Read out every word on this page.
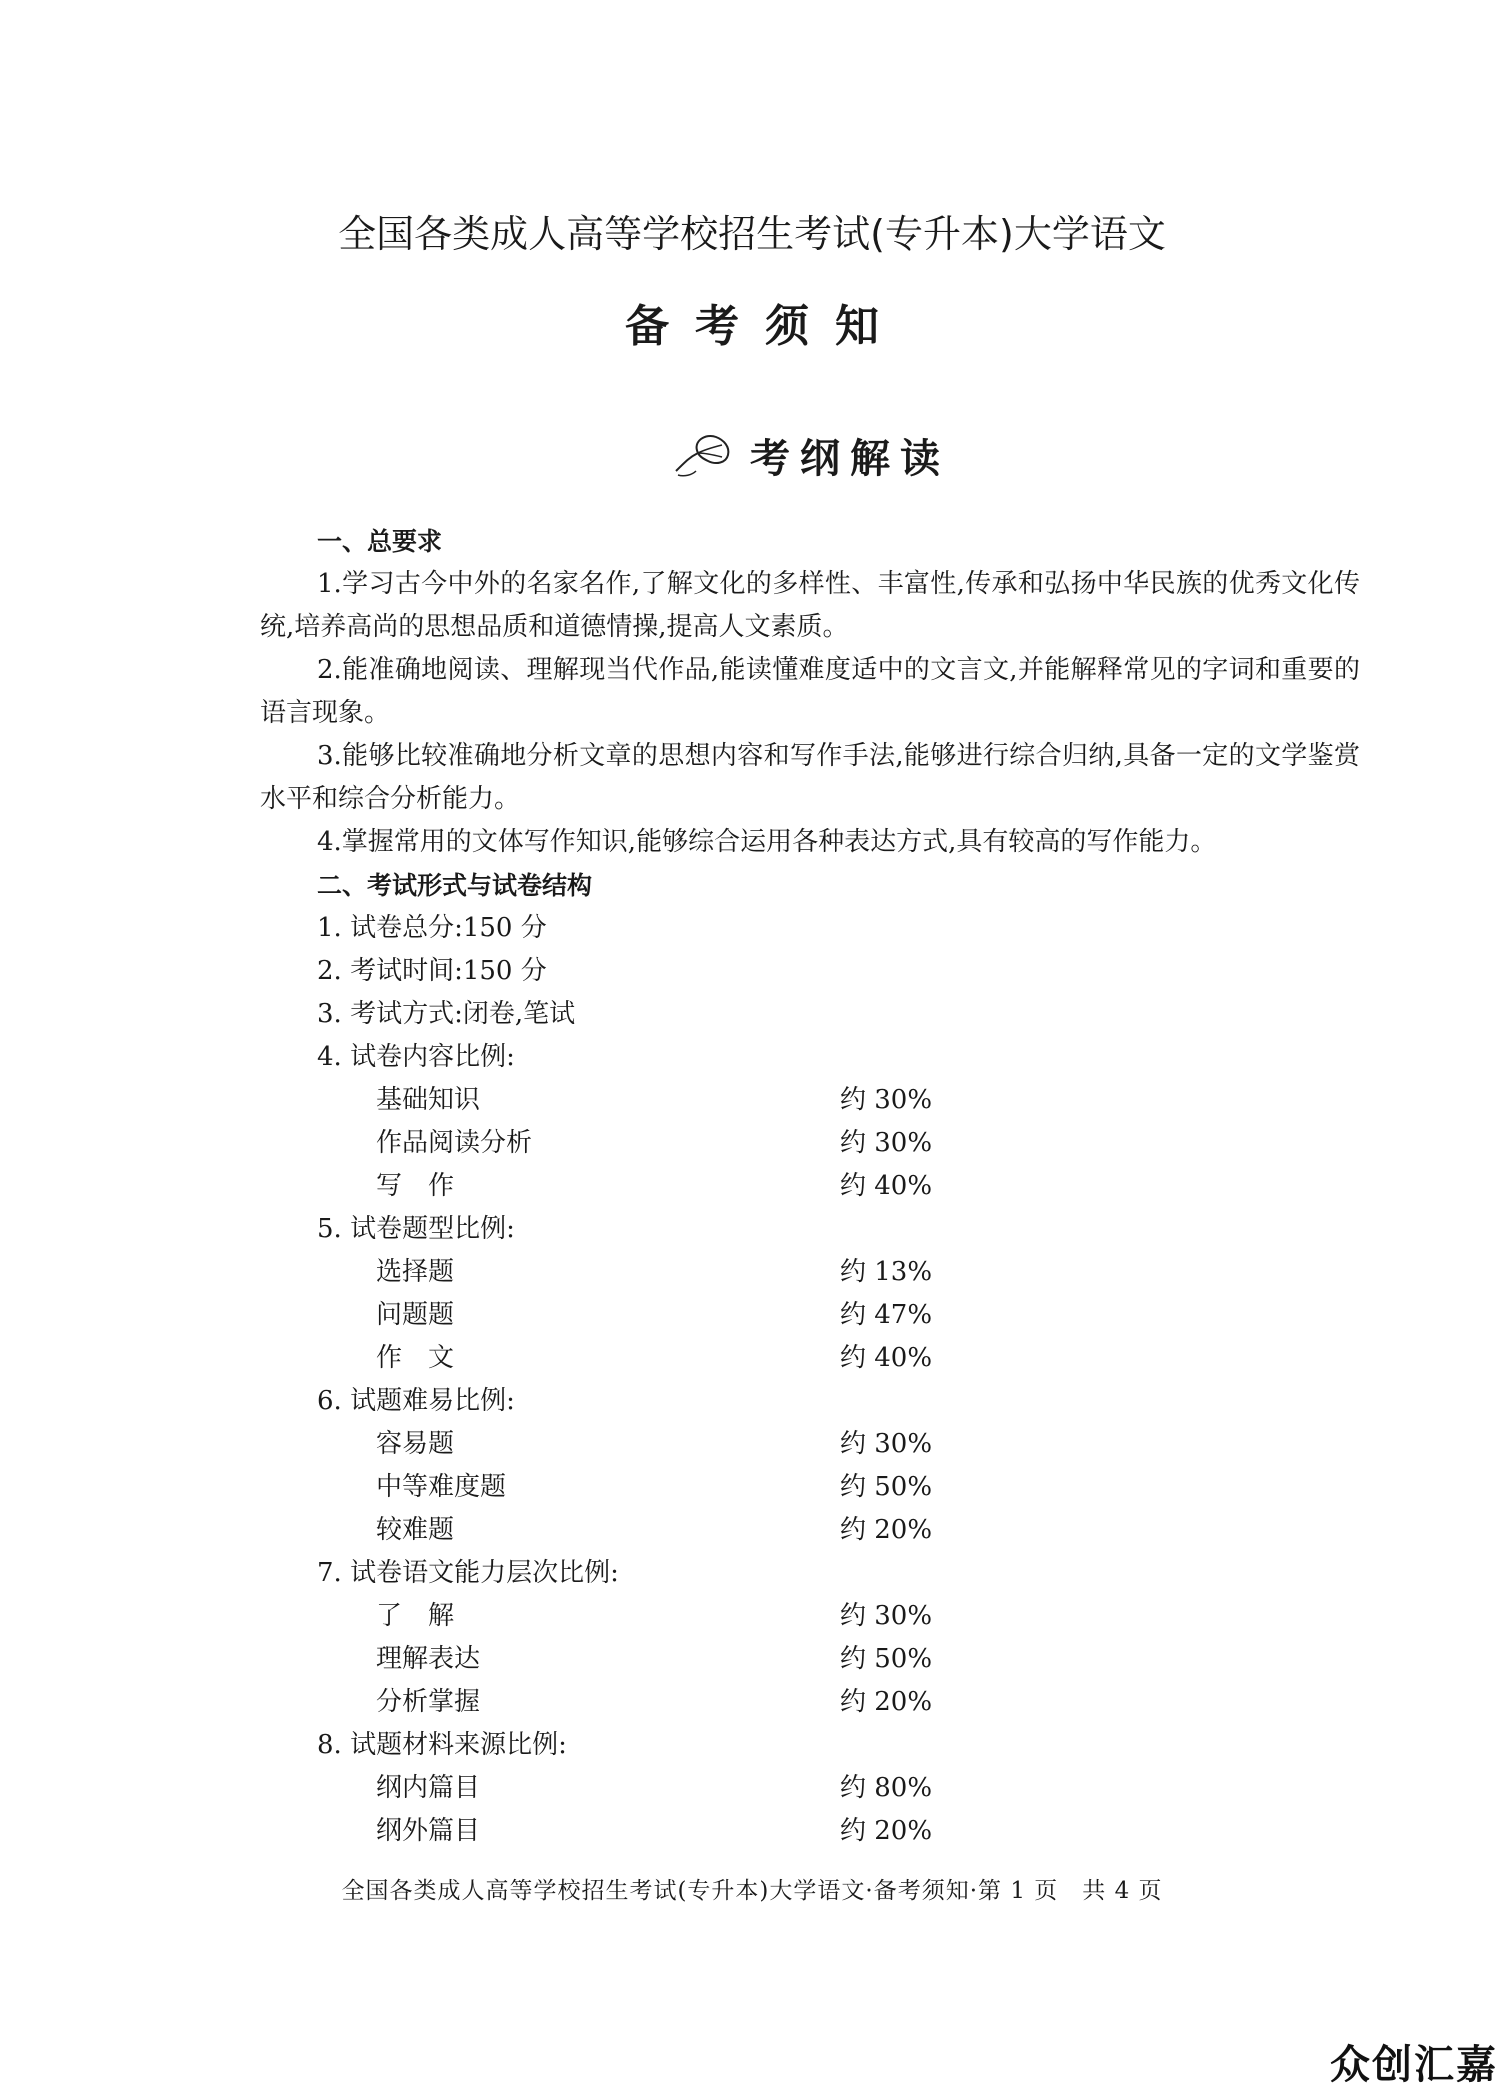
全国各类成人高等学校招生考试(专升本)大学语文
备考须知
考纲解读
一、总要求
1.学习古今中外的名家名作,了解文化的多样性、丰富性,传承和弘扬中华民族的优秀文化传统,培养高尚的思想品质和道德情操,提高人文素质。
2.能准确地阅读、理解现当代作品,能读懂难度适中的文言文,并能解释常见的字词和重要的语言现象。
3.能够比较准确地分析文章的思想内容和写作手法,能够进行综合归纳,具备一定的文学鉴赏水平和综合分析能力。
4.掌握常用的文体写作知识,能够综合运用各种表达方式,具有较高的写作能力。
二、考试形式与试卷结构
1. 试卷总分:150 分
2. 考试时间:150 分
3. 考试方式:闭卷,笔试
4. 试卷内容比例:
基础知识	约 30%
作品阅读分析	约 30%
写　作	约 40%
5. 试卷题型比例:
选择题	约 13%
问题题	约 47%
作　文	约 40%
6. 试题难易比例:
容易题	约 30%
中等难度题	约 50%
较难题	约 20%
7. 试卷语文能力层次比例:
了　解	约 30%
理解表达	约 50%
分析掌握	约 20%
8. 试题材料来源比例:
纲内篇目	约 80%
纲外篇目	约 20%
全国各类成人高等学校招生考试(专升本)大学语文·备考须知·第 1 页　共 4 页
众创汇嘉
